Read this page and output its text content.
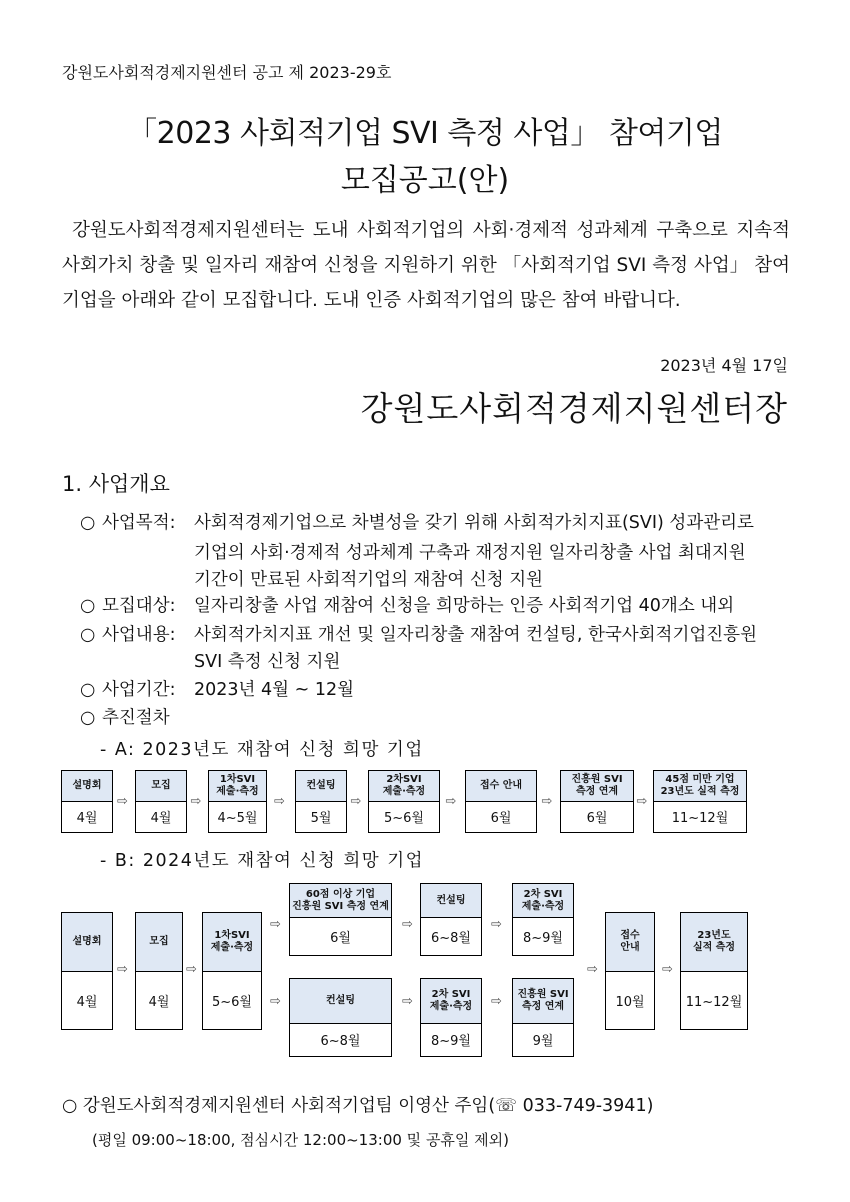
강원도사회적경제지원센터 공고 제 2023-29호
「2023 사회적기업 SVI 측정 사업」 참여기업
모집공고(안)
강원도사회적경제지원센터는 도내 사회적기업의 사회·경제적 성과체계 구축으로 지속적 사회가치 창출 및 일자리 재참여 신청을 지원하기 위한 「사회적기업 SVI 측정 사업」 참여기업을 아래와 같이 모집합니다. 도내 인증 사회적기업의 많은 참여 바랍니다.
2023년 4월 17일
강원도사회적경제지원센터장
1. 사업개요
○ 사업목적: 사회적경제기업으로 차별성을 갖기 위해 사회적가치지표(SVI) 성과관리로
기업의 사회·경제적 성과체계 구축과 재정지원 일자리창출 사업 최대지원
기간이 만료된 사회적기업의 재참여 신청 지원
○ 모집대상: 일자리창출 사업 재참여 신청을 희망하는 인증 사회적기업 40개소 내외
○ 사업내용: 사회적가치지표 개선 및 일자리창출 재참여 컨설팅, 한국사회적기업진흥원
SVI 측정 신청 지원
○ 사업기간: 2023년 4월 ~ 12월
○ 추진절차
- A: 2023년도 재참여 신청 희망 기업
설명회
4월
⇨
모집
4월
⇨
1차SVI
제출·측정
4~5월
⇨
컨설팅
5월
⇨
2차SVI
제출·측정
5~6월
⇨
접수 안내
6월
⇨
진흥원 SVI
측정 연계
6월
⇨
45점 미만 기업
23년도 실적 측정
11~12월
- B: 2024년도 재참여 신청 희망 기업
설명회
4월
모집
4월
1차SVI
제출·측정
5~6월
⇨	⇨
⇨
⇨
60점 이상 기업
진흥원 SVI 측정 연계
6월
컨설팅
6~8월
2차 SVI
제출·측정
8~9월
⇨	⇨
컨설팅
6~8월
2차 SVI
제출·측정
8~9월
진흥원 SVI
측정 연계
9월
⇨	⇨
⇨
접수
안내
10월
23년도
실적 측정
11~12월
⇨
○ 강원도사회적경제지원센터 사회적기업팀 이영산 주임(☏ 033-749-3941)
(평일 09:00~18:00, 점심시간 12:00~13:00 및 공휴일 제외)
